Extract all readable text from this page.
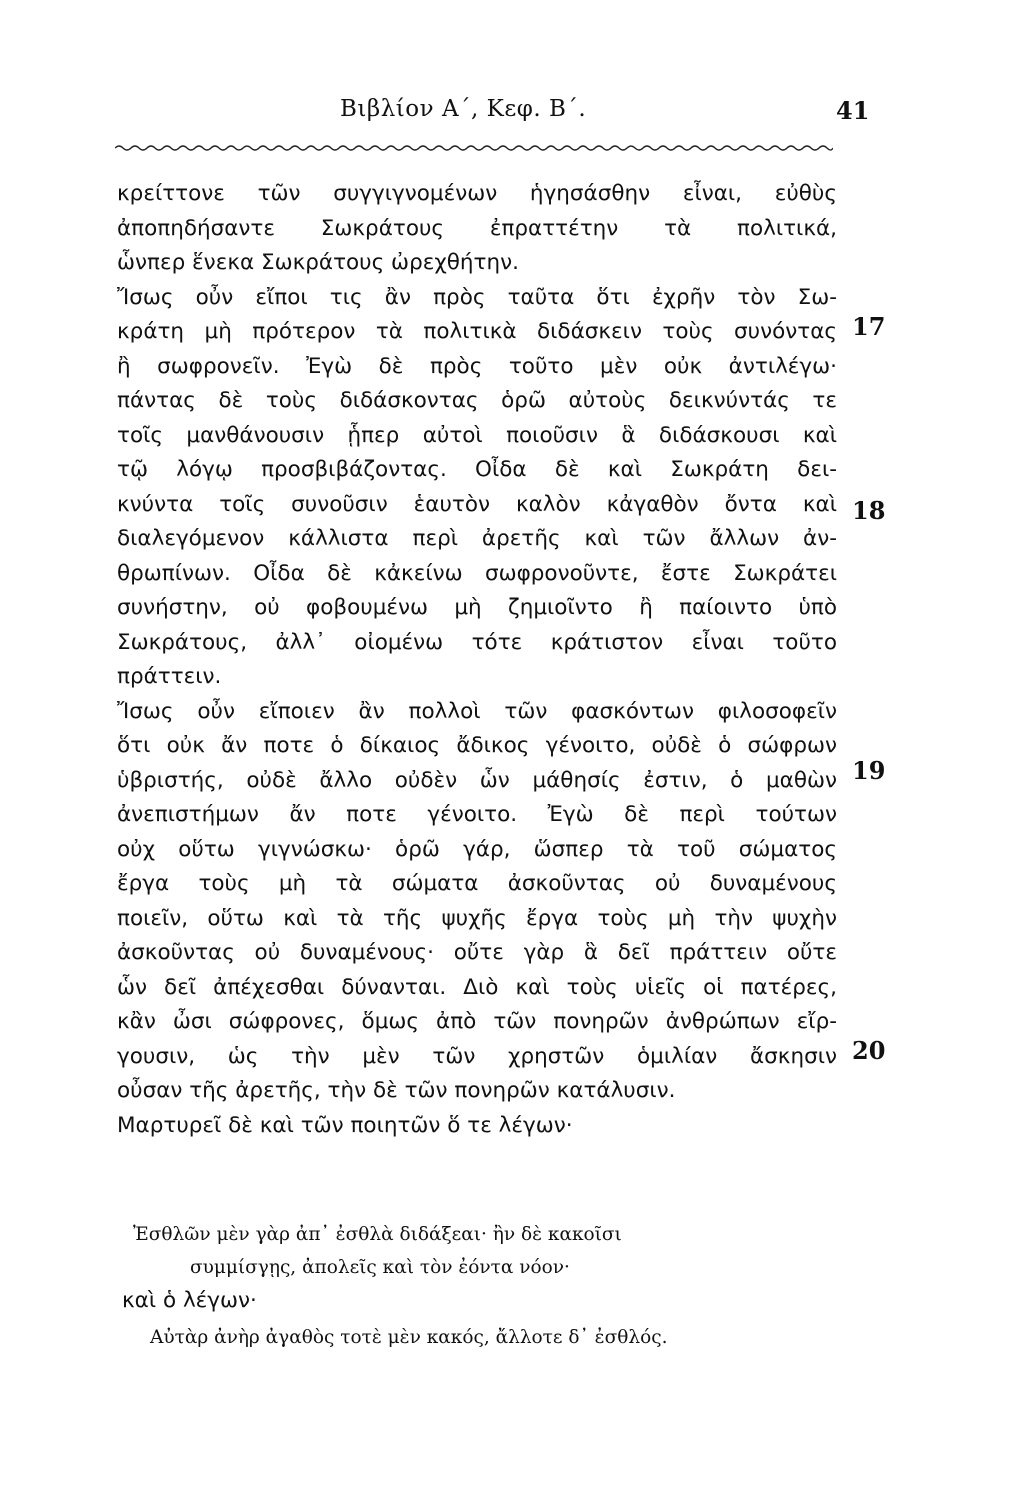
Βιβλίον Α΄, Κεφ. Β΄.	41
κρείττονε τῶν συγγιγνομένων ἡγησάσθην εἶναι, εὐθὺς
ἀποπηδήσαντε Σωκράτους ἐπραττέτην τὰ πολιτικά,
ὧνπερ ἕνεκα Σωκράτους ὠρεχθήτην.
Ἴσως οὖν εἴποι τις ἂν πρὸς ταῦτα ὅτι ἐχρῆν τὸν Σω-
κράτη μὴ πρότερον τὰ πολιτικὰ διδάσκειν τοὺς συνόντας
ἢ σωφρονεῖν. Ἐγὼ δὲ πρὸς τοῦτο μὲν οὐκ ἀντιλέγω·
πάντας δὲ τοὺς διδάσκοντας ὁρῶ αὐτοὺς δεικνύντάς τε
τοῖς μανθάνουσιν ᾗπερ αὐτοὶ ποιοῦσιν ἃ διδάσκουσι καὶ
τῷ λόγῳ προσβιβάζοντας. Οἶδα δὲ καὶ Σωκράτη δει-
κνύντα τοῖς συνοῦσιν ἑαυτὸν καλὸν κἀγαθὸν ὄντα καὶ
διαλεγόμενον κάλλιστα περὶ ἀρετῆς καὶ τῶν ἄλλων ἀν-
θρωπίνων. Οἶδα δὲ κἀκείνω σωφρονοῦντε, ἔστε Σωκράτει
συνήστην, οὐ φοβουμένω μὴ ζημιοῖντο ἢ παίοιντο ὑπὸ
Σωκράτους, ἀλλ᾽ οἰομένω τότε κράτιστον εἶναι τοῦτο
πράττειν.
Ἴσως οὖν εἴποιεν ἂν πολλοὶ τῶν φασκόντων φιλοσοφεῖν
ὅτι οὐκ ἄν ποτε ὁ δίκαιος ἄδικος γένοιτο, οὐδὲ ὁ σώφρων
ὑβριστής, οὐδὲ ἄλλο οὐδὲν ὧν μάθησίς ἐστιν, ὁ μαθὼν
ἀνεπιστήμων ἄν ποτε γένοιτο. Ἐγὼ δὲ περὶ τούτων
οὐχ οὕτω γιγνώσκω· ὁρῶ γάρ, ὥσπερ τὰ τοῦ σώματος
ἔργα τοὺς μὴ τὰ σώματα ἀσκοῦντας οὐ δυναμένους
ποιεῖν, οὕτω καὶ τὰ τῆς ψυχῆς ἔργα τοὺς μὴ τὴν ψυχὴν
ἀσκοῦντας οὐ δυναμένους· οὔτε γὰρ ἃ δεῖ πράττειν οὔτε
ὧν δεῖ ἀπέχεσθαι δύνανται. Διὸ καὶ τοὺς υἱεῖς οἱ πατέρες,
κἂν ὦσι σώφρονες, ὅμως ἀπὸ τῶν πονηρῶν ἀνθρώπων εἴρ-
γουσιν, ὡς τὴν μὲν τῶν χρηστῶν ὁμιλίαν ἄσκησιν
οὖσαν τῆς ἀρετῆς, τὴν δὲ τῶν πονηρῶν κατάλυσιν.
Μαρτυρεῖ δὲ καὶ τῶν ποιητῶν ὅ τε λέγων·
17
18
19
20
Ἐσθλῶν μὲν γὰρ ἀπ᾽ ἐσθλὰ διδάξεαι· ἢν δὲ κακοῖσι
συμμίσγῃς, ἀπολεῖς καὶ τὸν ἐόντα νόον·
καὶ ὁ λέγων·
Αὐτὰρ ἀνὴρ ἀγαθὸς τοτὲ μὲν κακός, ἄλλοτε δ᾽ ἐσθλός.
